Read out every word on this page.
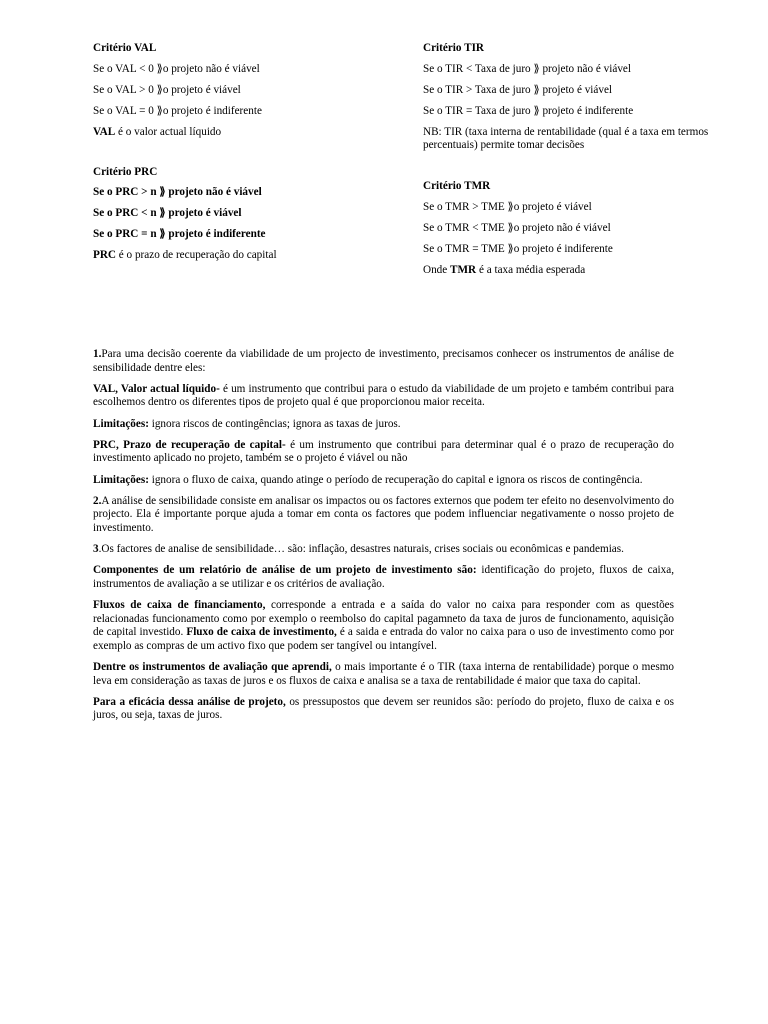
Critério VAL
Se o VAL < 0 ⟫o projeto não é viável
Se o VAL > 0 ⟫o projeto é viável
Se o VAL = 0 ⟫o projeto é indiferente
VAL é o valor actual líquido
Critério PRC
Se o PRC > n ⟫ projeto não é viável
Se o PRC < n ⟫ projeto é viável
Se o PRC = n ⟫ projeto é indiferente
PRC é o prazo de recuperação do capital
Critério TIR
Se o TIR < Taxa de juro ⟫ projeto não é viável
Se o TIR > Taxa de juro ⟫ projeto é viável
Se o TIR = Taxa de juro ⟫ projeto é indiferente
NB: TIR (taxa interna de rentabilidade (qual é a taxa em termos percentuais) permite tomar decisões
Critério TMR
Se o TMR > TME ⟫o projeto é viável
Se o TMR < TME ⟫o projeto não é viável
Se o TMR = TME ⟫o projeto é indiferente
Onde TMR é a taxa média esperada

1.Para uma decisão coerente da viabilidade de um projecto de investimento, precisamos conhecer os instrumentos de análise de sensibilidade dentre eles:

VAL, Valor actual líquido- é um instrumento que contribui para o estudo da viabilidade de um projeto e também contribui para escolhemos dentro os diferentes tipos de projeto qual é que proporcionou maior receita.

Limitações: ignora riscos de contingências; ignora as taxas de juros.

PRC, Prazo de recuperação de capital- é um instrumento que contribui para determinar qual é o prazo de recuperação do investimento aplicado no projeto, também se o projeto é viável ou não

Limitações: ignora o fluxo de caixa, quando atinge o período de recuperação do capital e ignora os riscos de contingência.

2.A análise de sensibilidade consiste em analisar os impactos ou os factores externos que podem ter efeito no desenvolvimento do projecto. Ela é importante porque ajuda a tomar em conta os factores que podem influenciar negativamente o nosso projeto de investimento.

3.Os factores de analise de sensibilidade… são: inflação, desastres naturais, crises sociais ou econômicas e pandemias.

Componentes de um relatório de análise de um projeto de investimento são: identificação do projeto, fluxos de caixa, instrumentos de avaliação a se utilizar e os critérios de avaliação.

Fluxos de caixa de financiamento, corresponde a entrada e a saída do valor no caixa para responder com as questões relacionadas funcionamento como por exemplo o reembolso do capital pagamneto da taxa de juros de funcionamento, aquisição de capital investido. Fluxo de caixa de investimento, é a saida e entrada do valor no caixa para o uso de investimento como por exemplo as compras de um activo fixo que podem ser tangível ou intangível.

Dentre os instrumentos de avaliação que aprendi, o mais importante é o TIR (taxa interna de rentabilidade) porque o mesmo leva em consideração as taxas de juros e os fluxos de caixa e analisa se a taxa de rentabilidade é maior que taxa do capital.

Para a eficácia dessa análise de projeto, os pressupostos que devem ser reunidos são: período do projeto, fluxo de caixa e os juros, ou seja, taxas de juros.
